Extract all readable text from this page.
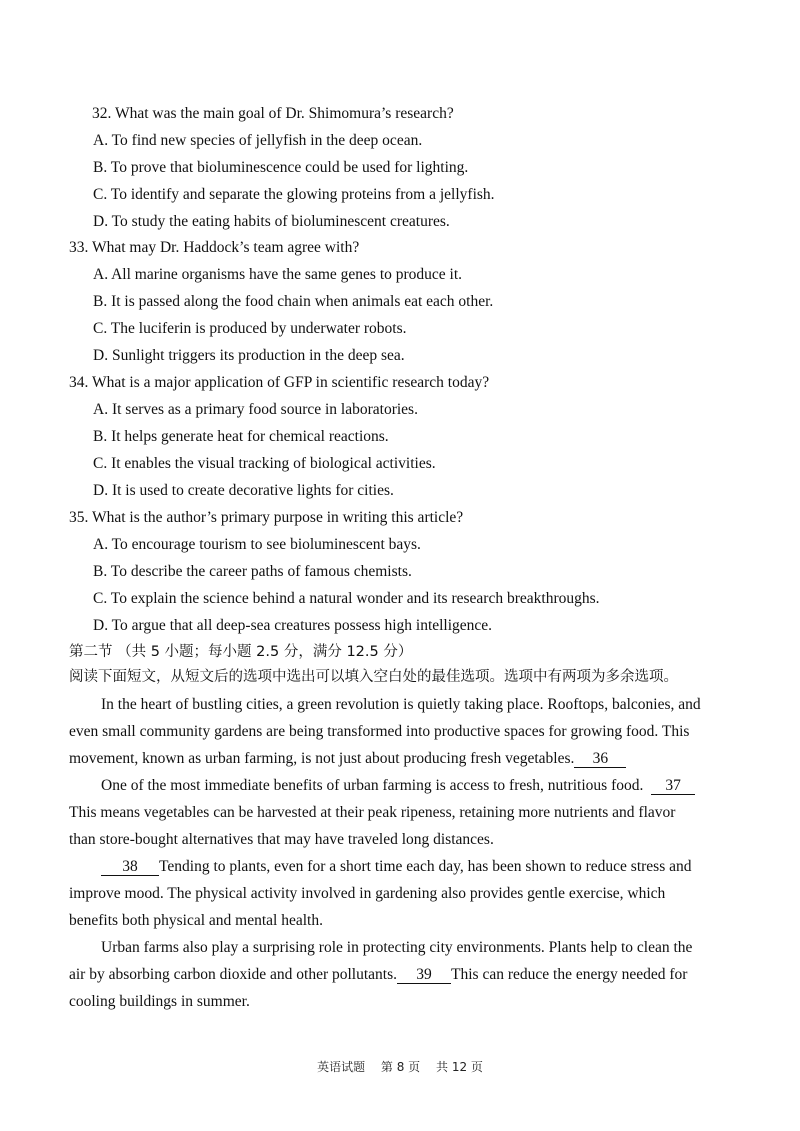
32. What was the main goal of Dr. Shimomura’s research?
A. To find new species of jellyfish in the deep ocean.
B. To prove that bioluminescence could be used for lighting.
C. To identify and separate the glowing proteins from a jellyfish.
D. To study the eating habits of bioluminescent creatures.
33. What may Dr. Haddock’s team agree with?
A. All marine organisms have the same genes to produce it.
B. It is passed along the food chain when animals eat each other.
C. The luciferin is produced by underwater robots.
D. Sunlight triggers its production in the deep sea.
34. What is a major application of GFP in scientific research today?
A. It serves as a primary food source in laboratories.
B. It helps generate heat for chemical reactions.
C. It enables the visual tracking of biological activities.
D. It is used to create decorative lights for cities.
35. What is the author’s primary purpose in writing this article?
A. To encourage tourism to see bioluminescent bays.
B. To describe the career paths of famous chemists.
C. To explain the science behind a natural wonder and its research breakthroughs.
D. To argue that all deep-sea creatures possess high intelligence.
第二节 （共 5 小题；每小题 2.5 分，满分 12.5 分）
阅读下面短文，从短文后的选项中选出可以填入空白处的最佳选项。选项中有两项为多余选项。
In the heart of bustling cities, a green revolution is quietly taking place. Rooftops, balconies, and
even small community gardens are being transformed into productive spaces for growing food. This
movement, known as urban farming, is not just about producing fresh vegetables. 36
One of the most immediate benefits of urban farming is access to fresh, nutritious food. 37
This means vegetables can be harvested at their peak ripeness, retaining more nutrients and flavor
than store-bought alternatives that may have traveled long distances.
38 Tending to plants, even for a short time each day, has been shown to reduce stress and
improve mood. The physical activity involved in gardening also provides gentle exercise, which
benefits both physical and mental health.
Urban farms also play a surprising role in protecting city environments. Plants help to clean the
air by absorbing carbon dioxide and other pollutants. 39 This can reduce the energy needed for
cooling buildings in summer.
英语试题 第 8 页 共 12 页
